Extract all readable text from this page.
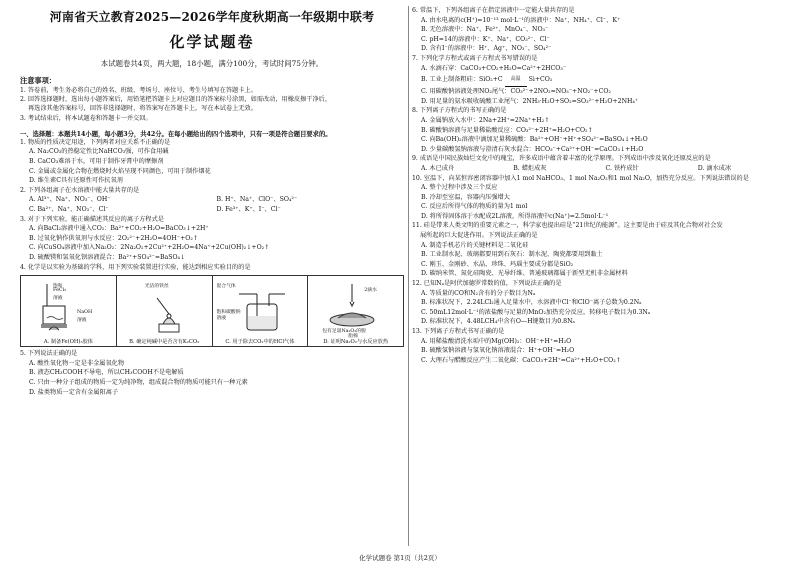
河南省天立教育2025—2026学年度秋期高一年级期中联考
化学试题卷
本试题卷共4页，两大题，18小题，满分100分，考试时间75分钟。
注意事项：
1. 答卷前，考生务必将自己的姓名、班级、考场号、座位号、考生号填写在答题卡上。
2. 回答选择题时，选出每小题答案后，用铅笔把答题卡上对应题目的答案标号涂黑，如需改动，用橡皮擦干净后，
再选涂其他答案标号，回答非选择题时，将答案写在答题卡上，写在本试卷上无效。
3. 考试结束后，将本试题卷和答题卡一并交回。
一、选择题：本题共14小题，每小题3分，共42分。在每小题给出的四个选项中，只有一项是符合题目要求的。
1. 物质的性质决定用途，下列两者对应关系不正确的是
A. Na₂CO₃的热稳定性比NaHCO₃强，可作食用碱
B. CaCO₃难溶于水，可用于制作牙膏中的摩擦剂
C. 金属或金属化合物在燃烧时火焰呈现不同颜色，可用于制作烟花
D. 维生素C具有还原性可作抗氧剂
2. 下列各组离子在水溶液中能大量共存的是
A. Al³⁺、Na⁺、NO₃⁻、OH⁻	B. H⁺、Na⁺、ClO⁻、SO₄²⁻
C. Ba²⁺、Na⁺、NO₃⁻、Cl⁻	D. Fe³⁺、K⁺、I⁻、Cl⁻
3. 对于下列实验，能正确描述其反应的离子方程式是
A. 向BaCl₂溶液中通入CO₂：Ba²⁺+CO₂+H₂O=BaCO₃↓+2H⁺
B. 过氧化钠作供氧剂与水反应：2O₂²⁻+2H₂O=4OH⁻+O₂↑
C. 向CuSO₄溶液中加入Na₂O₂：2Na₂O₂+2Cu²⁺+2H₂O=4Na⁺+2Cu(OH)₂↓+O₂↑
D. 硫酸镁和氢氧化钡溶液混合：Ba²⁺+SO₄²⁻=BaSO₄↓
4. 化学是以实验为基础的学科，用下列实验装置进行实验，能达到相应实验目的的是
饱和
FeCl₃
溶液
NaOH
溶液
A. 制备Fe(OH)₃胶体
光洁的铁丝
B. 确定纯碱中是否含有K₂CO₃
混合气体
饱和碳酸钠
溶液
C. 用于除去CO₂中的HCl气体
2滴水
包有足量Na₂O₂的脱
脂棉
D. 证明Na₂O₂与水反应放热
5. 下列说法正确的是
A. 酸性氧化物一定是非金属氧化物
B. 液态CH₃COOH不导电，所以CH₃COOH不是电解质
C. 只由一种分子组成的物质一定为纯净物，组成混合物的物质可能只有一种元素
D. 盐类物质一定含有金属阳离子
6. 常温下，下列各组离子在指定溶液中一定能大量共存的是
A. 由水电离的c(H⁺)=10⁻¹³ mol·L⁻¹的溶液中：Na⁺、NH₄⁺、Cl⁻、K⁺
B. 无色溶液中：Na⁺、Fe²⁺、MnO₄⁻、NO₃⁻
C. pH=14的溶液中：K⁺、Na⁺、CO₃²⁻、Cl⁻
D. 含有I⁻的溶液中：H⁺、Ag⁺、NO₃⁻、SO₄²⁻
7. 下列化学方程式或离子方程式书写错误的是
A. 水滴石穿：CaCO₃+CO₂+H₂O=Ca²⁺+2HCO₃⁻
B. 工业上制备粗硅：SiO₂+C	高温	Si+CO₂
C. 用碳酸钠溶液处理NO₂尾气：CO₃²⁻+2NO₂=NO₃⁻+NO₂⁻+CO₂
D. 用足量的氨水吸收硫酸工业尾气：2NH₃·H₂O+SO₂=SO₃²⁻+H₂O+2NH₄⁺
8. 下列离子方程式的书写正确的是
A. 金属钠放入水中：2Na+2H⁺=2Na⁺+H₂↑
B. 碳酸钠溶液与足量稀盐酸反应：CO₃²⁻+2H⁺=H₂O+CO₂↑
C. 向Ba(OH)₂溶液中滴加足量稀硫酸：Ba²⁺+OH⁻+H⁺+SO₄²⁻=BaSO₄↓+H₂O
D. 少量碳酸氢钠溶液与澄清石灰水混合：HCO₃⁻+Ca²⁺+OH⁻=CaCO₃↓+H₂O
9. 成语是中国民族灿烂文化中的瑰宝，许多成语中蕴含着丰富的化学原理。下列成语中涉及氧化还原反应的是
A. 木已成舟	B. 蜡炬成灰	C. 铁杵成针	D. 滴水成冰
10. 室温下，向某恒容密闭容器中加入1 mol NaHCO₃、1 mol Na₂O₂和1 mol Na₂O，加热充分反应。下列说法错误的是
A. 整个过程中涉及三个反应
B. 冷却至室温，容器内压强增大
C. 反应后所得气体的物质的量为1 mol
D. 将所得固体溶于水配成2L溶液，所得溶液中c(Na⁺)=2.5mol·L⁻¹
11. 硅是带来人类文明的重要元素之一，科学家也提出硅是“21世纪的能源”。这主要是由于硅及其化合物对社会发
展所起的巨大促进作用。下列说法正确的是
A. 制造手机芯片的关键材料是二氧化硅
B. 工业制水泥、玻璃都要用到石灰石：制水泥、陶瓷都要用到黏土
C. 刚玉、金刚砂、水晶、珍珠、玛瑙主要成分都是SiO₂
D. 碳纳米管、氮化硅陶瓷、光导纤维、普通玻璃都属于新型无机非金属材料
12. 已知Nₐ是阿伏加德罗常数的值，下列说法正确的是
A. 等质量的CO和N₂含有的分子数目为Nₐ
B. 标准状况下，2.24LCl₂通入足量水中，水溶液中Cl⁻和ClO⁻离子总数为0.2Nₐ
C. 50mL12mol·L⁻¹的浓盐酸与足量的MnO₂加热充分反应，转移电子数目为0.3Nₐ
D. 标准状况下，4.48LCH₄中含有O—H键数目为0.8Nₐ
13. 下列离子方程式书写正确的是
A. 用稀盐酸清洗水垢中的Mg(OH)₂：OH⁻+H⁺=H₂O
B. 硫酸氢钠溶液与氢氧化钠溶液混合：H⁺+OH⁻=H₂O
C. 大理石与醋酸反应产生二氧化碳：CaCO₃+2H⁺=Ca²⁺+H₂O+CO₂↑
化学试题卷 第1页（共2页）
